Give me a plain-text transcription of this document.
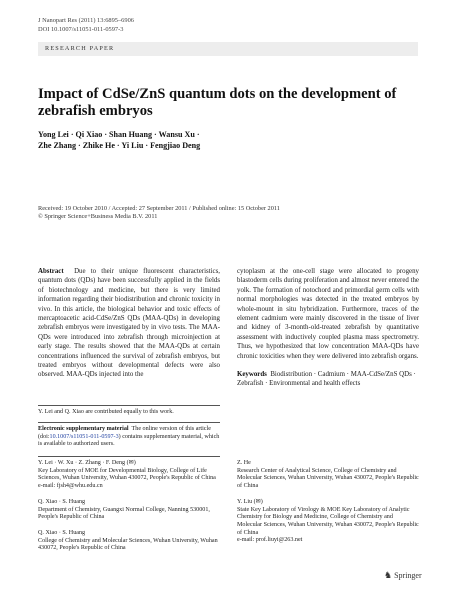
J Nanopart Res (2011) 13:6895–6906
DOI 10.1007/s11051-011-0597-3
RESEARCH PAPER
Impact of CdSe/ZnS quantum dots on the development of zebrafish embryos
Yong Lei · Qi Xiao · Shan Huang · Wansu Xu ·
Zhe Zhang · Zhike He · Yi Liu · Fengjiao Deng
Received: 19 October 2010 / Accepted: 27 September 2011 / Published online: 15 October 2011
© Springer Science+Business Media B.V. 2011
Abstract Due to their unique fluorescent characteristics, quantum dots (QDs) have been successfully applied in the fields of biotechnology and medicine, but there is very limited information regarding their biodistribution and chronic toxicity in vivo. In this article, the biological behavior and toxic effects of mercaptoacetic acid-CdSe/ZnS QDs (MAA-QDs) in developing zebrafish embryos were investigated by in vivo tests. The MAA-QDs were introduced into zebrafish through microinjection at early stage. The results showed that the MAA-QDs at certain concentrations influenced the survival of zebrafish embryos, but treated embryos without developmental defects were also observed. MAA-QDs injected into the
cytoplasm at the one-cell stage were allocated to progeny blastoderm cells during proliferation and almost never entered the yolk. The formation of notochord and primordial germ cells with normal morphologies was detected in the treated embryos by whole-mount in situ hybridization. Furthermore, traces of the element cadmium were mainly discovered in the tissue of liver and kidney of 3-month-old-treated zebrafish by quantitative assessment with inductively coupled plasma mass spectrometry. Thus, we hypothesized that low concentration MAA-QDs have chronic toxicities when they were delivered into zebrafish organs.
Keywords Biodistribution · Cadmium · MAA-CdSe/ZnS QDs · Zebrafish · Environmental and health effects
Y. Lei and Q. Xiao are contributed equally to this work.
Electronic supplementary material The online version of this article (doi:10.1007/s11051-011-0597-3) contains supplementary material, which is available to authorized users.
Y. Lei · W. Xu · Z. Zhang · F. Deng (✉)
Key Laboratory of MOE for Developmental Biology, College of Life Sciences, Wuhan University, Wuhan 430072, People's Republic of China
e-mail: fjsh4@whu.edu.cn
Q. Xiao · S. Huang
Department of Chemistry, Guangxi Normal College, Nanning 530001, People's Republic of China
Q. Xiao · S. Huang
College of Chemistry and Molecular Sciences, Wuhan University, Wuhan 430072, People's Republic of China
Z. He
Research Center of Analytical Science, College of Chemistry and Molecular Sciences, Wuhan University, Wuhan 430072, People's Republic of China
Y. Liu (✉)
State Key Laboratory of Virology & MOE Key Laboratory of Analytic Chemistry for Biology and Medicine, College of Chemistry and Molecular Sciences, Wuhan University, Wuhan 430072, People's Republic of China
e-mail: prof.liuyi@263.net
♞ Springer
